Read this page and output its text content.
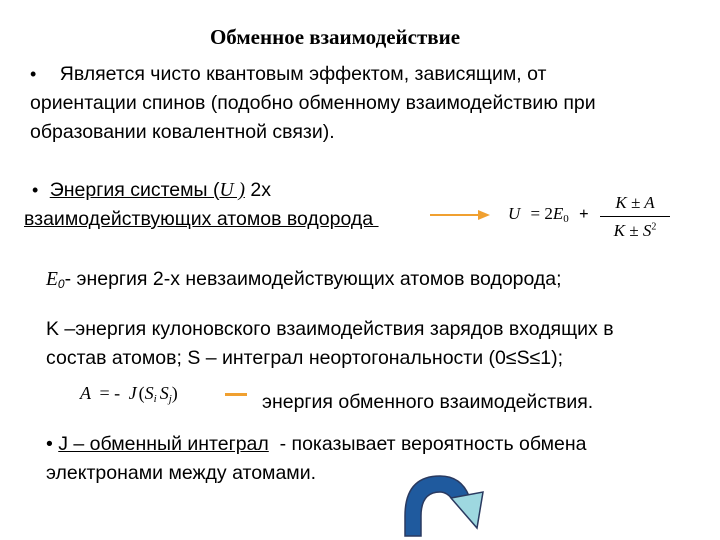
Обменное взаимодействие
• Является чисто квантовым эффектом, зависящим, от
ориентации спинов (подобно обменному взаимодействию при
образовании ковалентной связи).
• Энергия системы (U ) 2х
взаимодействующих атомов водорода	$U = 2E_0$ +
K ± A
$K \pm S^2$
E0- энергия 2-х невзаимодействующих атомов водорода;
K –энергия кулоновского взаимодействия зарядов входящих в
состав атомов; S – интеграл неортогональности (0≤S≤1);
A = - J ($S_i$ $S_j$)	энергия обменного взаимодействия.
• J – обменный интеграл  - показывает вероятность обмена
электронами между атомами.
